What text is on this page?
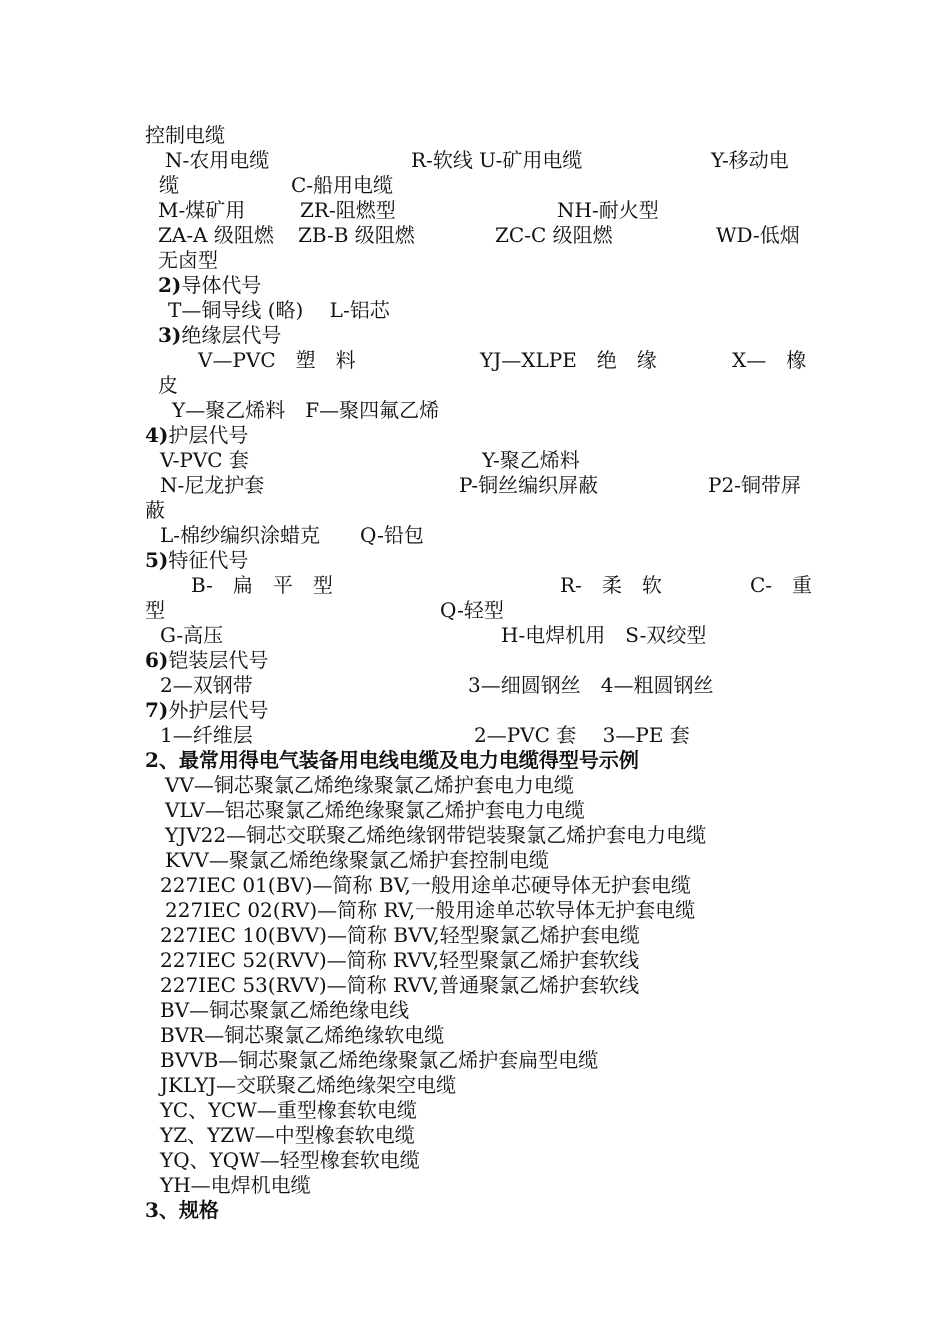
控制电缆
N-农用电缆	R-软线 U-矿用电缆	Y-移动电
缆	C-船用电缆
M-煤矿用	ZR-阻燃型	NH-耐火型
ZA-A 级阻燃 ZB-B 级阻燃	ZC-C 级阻燃	WD-低烟
无卤型
2)导体代号
T—铜导线 (略)　 L-铝芯
3)绝缘层代号
V—PVC　塑　料	YJ—XLPE　绝　缘	X—　橡
皮
Y—聚乙烯料　F—聚四氟乙烯
4)护层代号
V-PVC 套	Y-聚乙烯料
N-尼龙护套	P-铜丝编织屏蔽	P2-铜带屏
蔽
L-棉纱编织涂蜡克　　Q-铅包
5)特征代号
B-　扁　平　型	R-　柔　软	C-　重
型	Q-轻型
G-高压	H-电焊机用　S-双绞型
6)铠装层代号
2—双钢带	3—细圆钢丝　4—粗圆钢丝
7)外护层代号
1—纤维层	2—PVC 套　 3—PE 套
2、最常用得电气装备用电线电缆及电力电缆得型号示例
VV—铜芯聚氯乙烯绝缘聚氯乙烯护套电力电缆
VLV—铝芯聚氯乙烯绝缘聚氯乙烯护套电力电缆
YJV22—铜芯交联聚乙烯绝缘钢带铠装聚氯乙烯护套电力电缆
KVV—聚氯乙烯绝缘聚氯乙烯护套控制电缆
227IEC 01(BV)—简称 BV,一般用途单芯硬导体无护套电缆
227IEC 02(RV)—简称 RV,一般用途单芯软导体无护套电缆
227IEC 10(BVV)—简称 BVV,轻型聚氯乙烯护套电缆
227IEC 52(RVV)—简称 RVV,轻型聚氯乙烯护套软线
227IEC 53(RVV)—简称 RVV,普通聚氯乙烯护套软线
BV—铜芯聚氯乙烯绝缘电线
BVR—铜芯聚氯乙烯绝缘软电缆
BVVB—铜芯聚氯乙烯绝缘聚氯乙烯护套扁型电缆
JKLYJ—交联聚乙烯绝缘架空电缆
YC、YCW—重型橡套软电缆
YZ、YZW—中型橡套软电缆
YQ、YQW—轻型橡套软电缆
YH—电焊机电缆
3、规格
